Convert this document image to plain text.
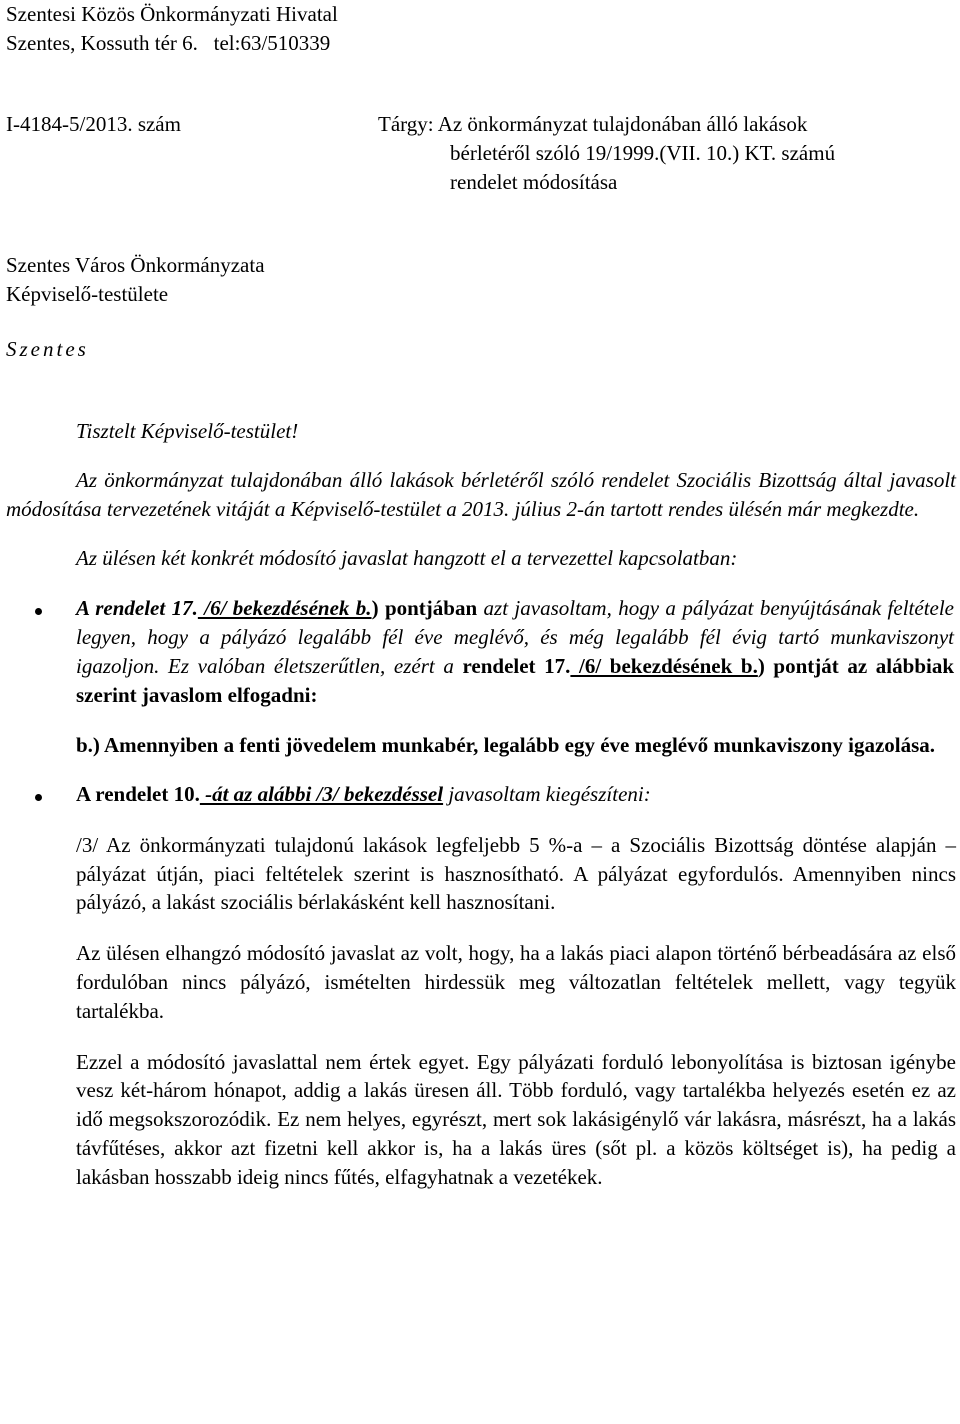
Szentesi Közös Önkormányzati Hivatal
Szentes, Kossuth tér 6.   tel:63/510339
I-4184-5/2013. szám	Tárgy: Az önkormányzat tulajdonában álló lakások
bérletéről szóló 19/1999.(VII. 10.) KT. számú
rendelet módosítása
Szentes Város Önkormányzata
Képviselő-testülete
Szentes
Tisztelt Képviselő-testület!
Az önkormányzat tulajdonában álló lakások bérletéről szóló rendelet Szociális Bizottság által javasolt módosítása tervezetének vitáját a Képviselő-testület a 2013. július 2-án tartott rendes ülésén már megkezdte.
Az ülésen két konkrét módosító javaslat hangzott el a tervezettel kapcsolatban:
A rendelet 17. /6/ bekezdésének b.) pontjában azt javasoltam, hogy a pályázat benyújtásának feltétele legyen, hogy a pályázó legalább fél éve meglévő, és még legalább fél évig tartó munkaviszonyt igazoljon. Ez valóban életszerűtlen, ezért a rendelet 17. /6/ bekezdésének b.) pontját az alábbiak szerint javaslom elfogadni:
b.) Amennyiben a fenti jövedelem munkabér, legalább egy éve meglévő munkaviszony igazolása.
A rendelet 10. -át az alábbi /3/ bekezdéssel javasoltam kiegészíteni:
/3/ Az önkormányzati tulajdonú lakások legfeljebb 5 %-a – a Szociális Bizottság döntése alapján – pályázat útján, piaci feltételek szerint is hasznosítható. A pályázat egyfordulós. Amennyiben nincs pályázó, a lakást szociális bérlakásként kell hasznosítani.
Az ülésen elhangzó módosító javaslat az volt, hogy, ha a lakás piaci alapon történő bérbeadására az első fordulóban nincs pályázó, ismételten hirdessük meg változatlan feltételek mellett, vagy tegyük tartalékba.
Ezzel a módosító javaslattal nem értek egyet. Egy pályázati forduló lebonyolítása is biztosan igénybe vesz két-három hónapot, addig a lakás üresen áll. Több forduló, vagy tartalékba helyezés esetén ez az idő megsokszorozódik. Ez nem helyes, egyrészt, mert sok lakásigénylő vár lakásra, másrészt, ha a lakás távfűtéses, akkor azt fizetni kell akkor is, ha a lakás üres (sőt pl. a közös költséget is), ha pedig a lakásban hosszabb ideig nincs fűtés, elfagyhatnak a vezetékek.
